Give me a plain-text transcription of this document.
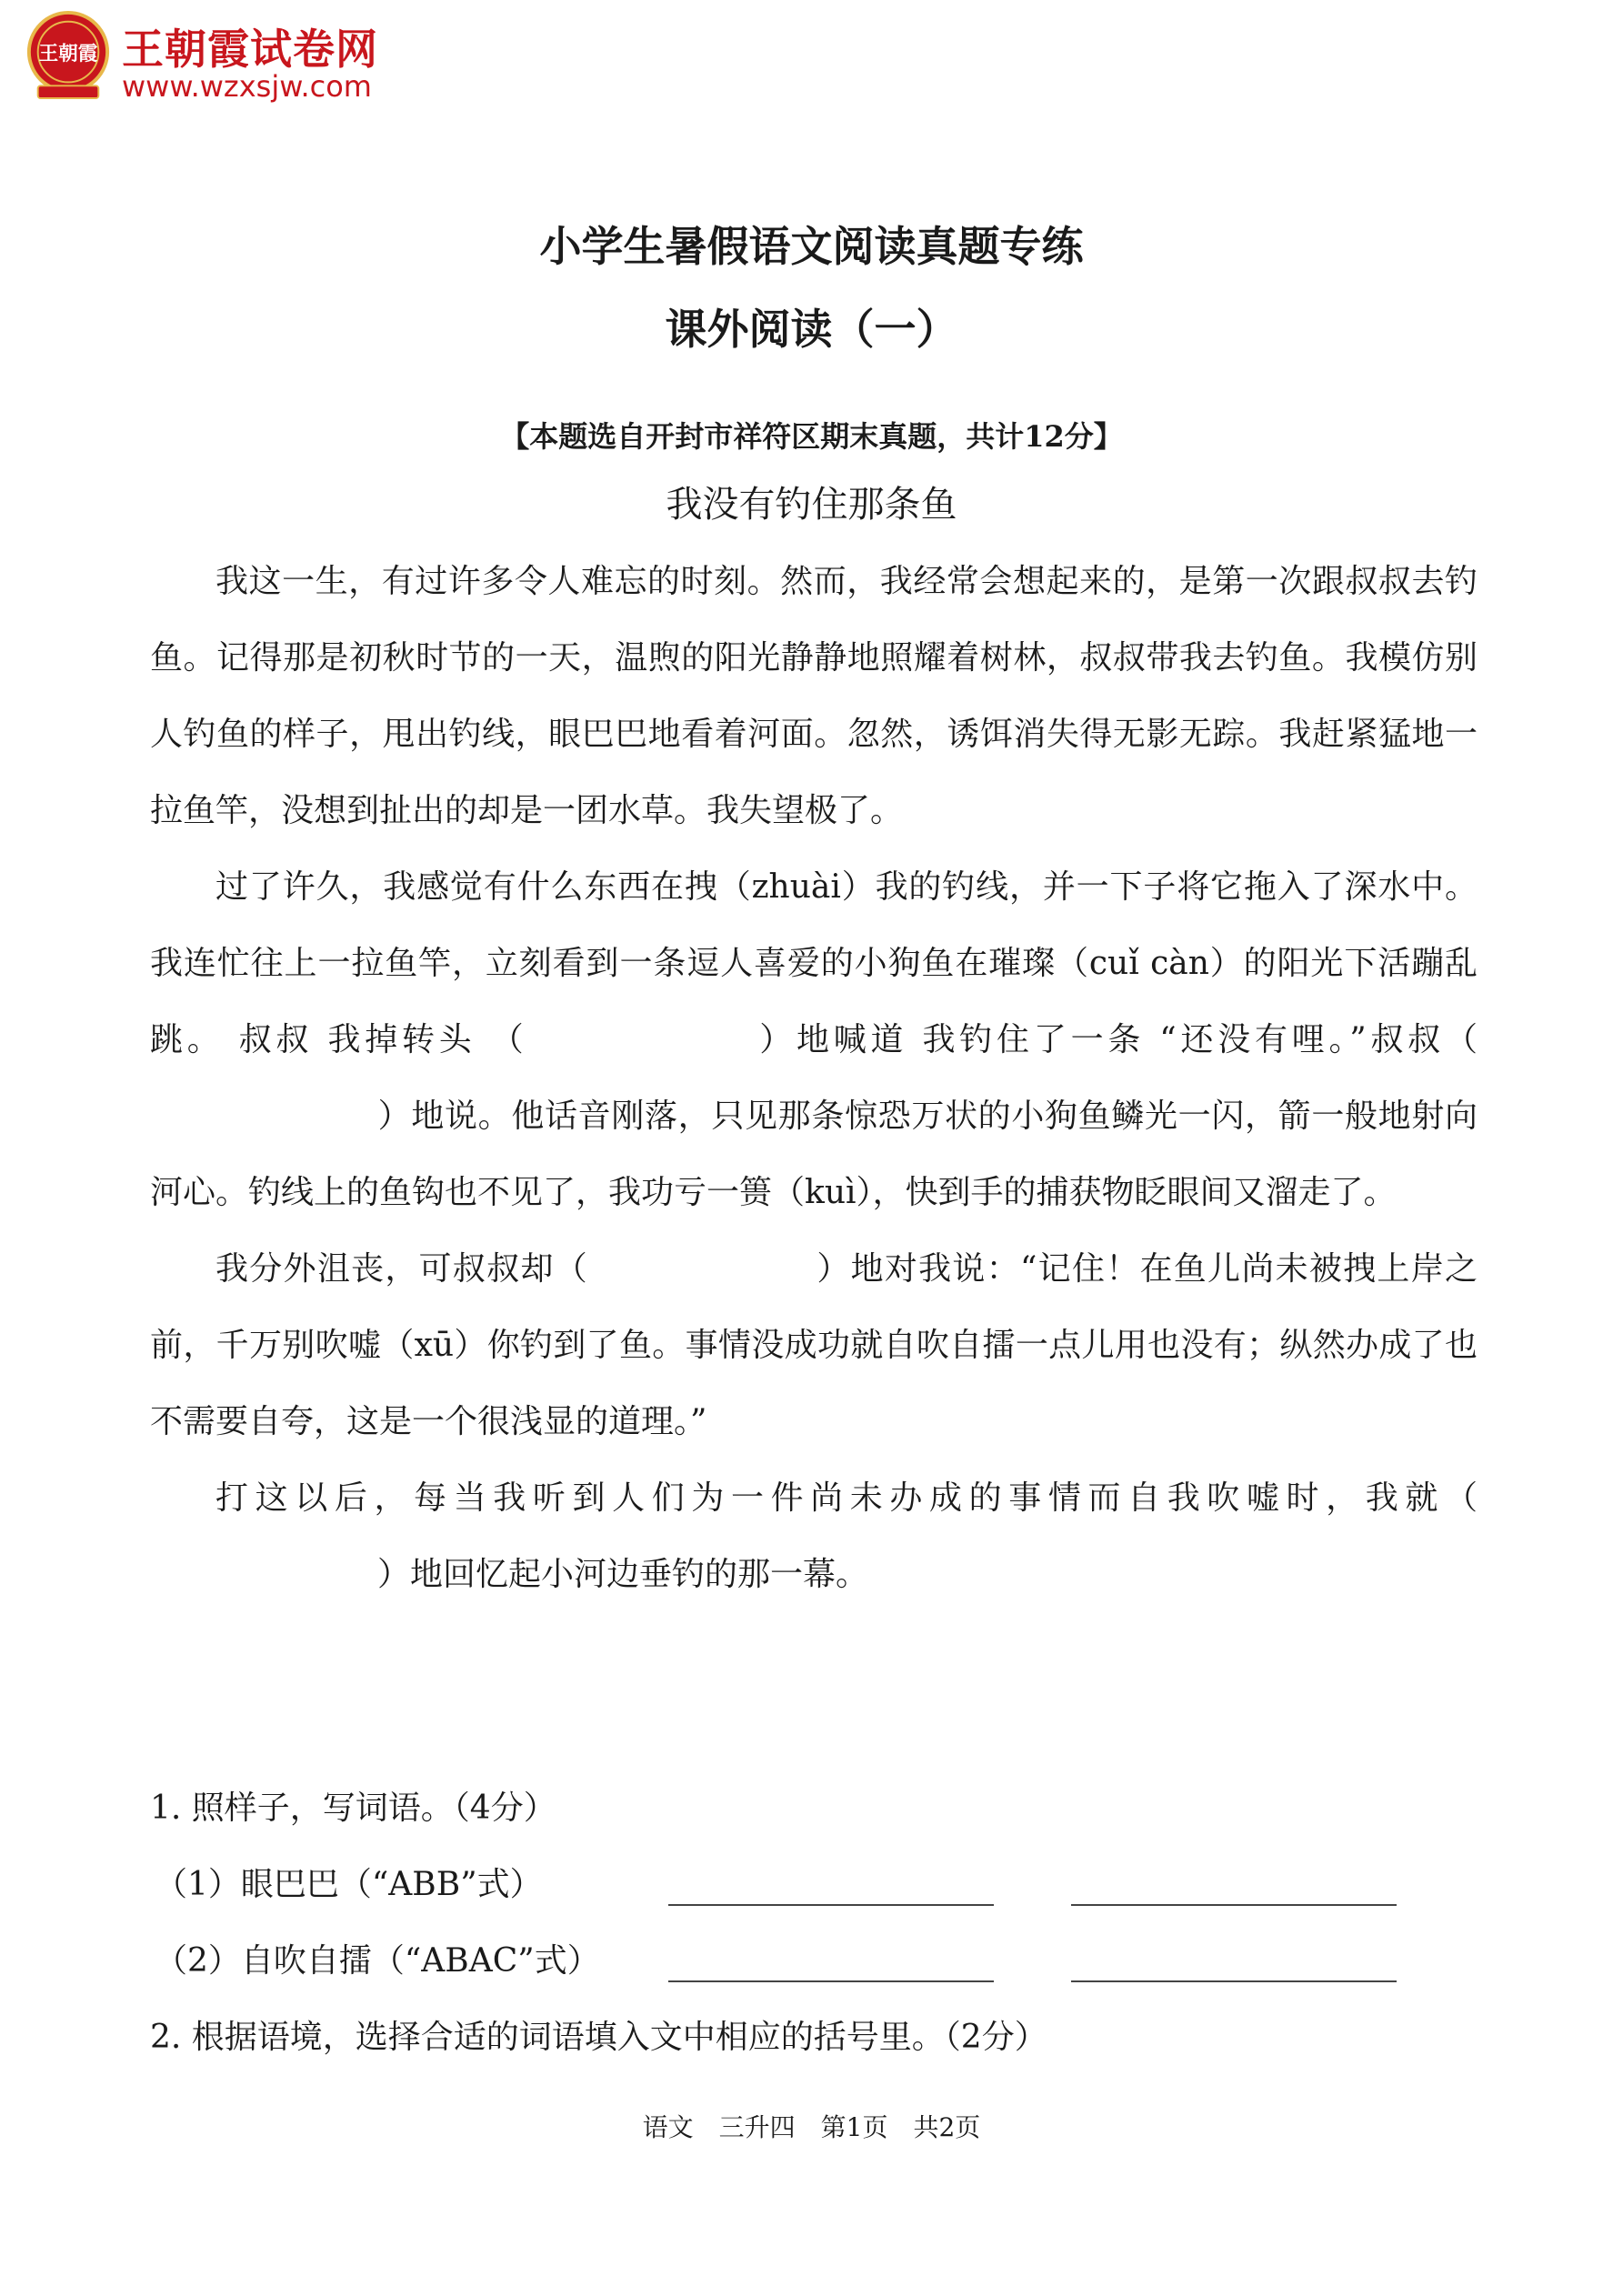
王朝霞 王朝霞试卷网
www.wzxsjw.com
小学生暑假语文阅读真题专练
课外阅读（一）
【本题选自开封市祥符区期末真题，共计12分】
我没有钓住那条鱼

我这一生，有过许多令人难忘的时刻。然而，我经常会想起来的，是第一次跟叔叔去钓鱼。记得那是初秋时节的一天，温煦的阳光静静地照耀着树林，叔叔带我去钓鱼。我模仿别人钓鱼的样子，甩出钓线，眼巴巴地看着河面。忽然，诱饵消失得无影无踪。我赶紧猛地一拉鱼竿，没想到扯出的却是一团水草。我失望极了。

过了许久，我感觉有什么东西在拽（zhuài）我的钓线，并一下子将它拖入了深水中。我连忙往上一拉鱼竿，立刻看到一条逗人喜爱的小狗鱼在璀璨（cuǐ càn）的阳光下活蹦乱跳。 叔叔 我掉转头 （	）地喊道 我钓住了一条 “还没有哩。”叔叔（）地说。他话音刚落，只见那条惊恐万状的小狗鱼鳞光一闪，箭一般地射向河心。钓线上的鱼钩也不见了，我功亏一篑（kuì），快到手的捕获物眨眼间又溜走了。

我分外沮丧，可叔叔却（	）地对我说：“记住！在鱼儿尚未被拽上岸之前，千万别吹嘘（xū）你钓到了鱼。事情没成功就自吹自擂一点儿用也没有；纵然办成了也不需要自夸，这是一个很浅显的道理。”

打这以后，每当我听到人们为一件尚未办成的事情而自我吹嘘时，我就（）地回忆起小河边垂钓的那一幕。

1. 照样子，写词语。（4分）
（1）眼巴巴（“ABB”式）
（2）自吹自擂（“ABAC”式）
2. 根据语境，选择合适的词语填入文中相应的括号里。（2分）
语文　三升四　第1页　共2页
